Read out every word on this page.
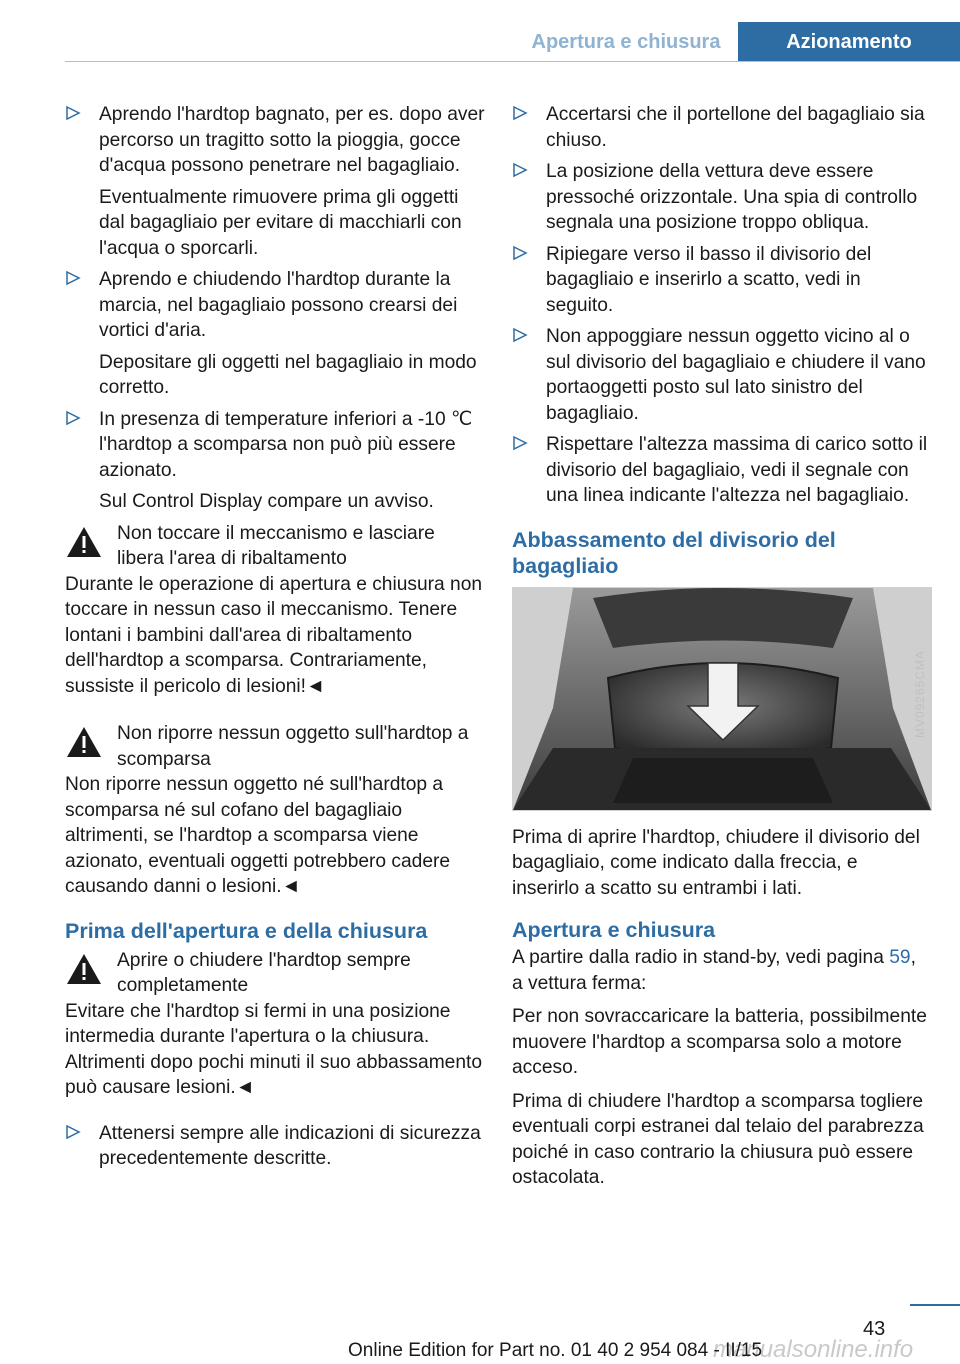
Apertura e chiusura	Azionamento

Aprendo l'hardtop bagnato, per es. dopo aver percorso un tragitto sotto la pioggia, gocce d'acqua possono penetrare nel bagagliaio.

Eventualmente rimuovere prima gli oggetti dal bagagliaio per evitare di macchiarli con l'acqua o sporcarli.

Aprendo e chiudendo l'hardtop durante la marcia, nel bagagliaio possono crearsi dei vortici d'aria.

Depositare gli oggetti nel bagagliaio in modo corretto.

In presenza di temperature inferiori a -10 ℃ l'hardtop a scomparsa non può più essere azionato.

Sul Control Display compare un avviso.

Non toccare il meccanismo e lasciare libera l'area di ribaltamento

Durante le operazione di apertura e chiusura non toccare in nessun caso il meccanismo. Tenere lontani i bambini dall'area di ribaltamento dell'hardtop a scomparsa. Contrariamente, sussiste il pericolo di lesioni!◄

Non riporre nessun oggetto sull'hardtop a scomparsa

Non riporre nessun oggetto né sull'hardtop a scomparsa né sul cofano del bagagliaio altrimenti, se l'hardtop a scomparsa viene azionato, eventuali oggetti potrebbero cadere causando danni o lesioni.◄

Prima dell'apertura e della chiusura
Aprire o chiudere l'hardtop sempre completamente

Evitare che l'hardtop si fermi in una posizione intermedia durante l'apertura o la chiusura. Altrimenti dopo pochi minuti il suo abbassamento può causare lesioni.◄

Attenersi sempre alle indicazioni di sicurezza precedentemente descritte.

Accertarsi che il portellone del bagagliaio sia chiuso.

La posizione della vettura deve essere pressoché orizzontale. Una spia di controllo segnala una posizione troppo obliqua.

Ripiegare verso il basso il divisorio del bagagliaio e inserirlo a scatto, vedi in seguito.

Non appoggiare nessun oggetto vicino al o sul divisorio del bagagliaio e chiudere il vano portaoggetti posto sul lato sinistro del bagagliaio.

Rispettare l'altezza massima di carico sotto il divisorio del bagagliaio, vedi il segnale con una linea indicante l'altezza nel bagagliaio.

Abbassamento del divisorio del bagagliaio
MV09265CMA

Prima di aprire l'hardtop, chiudere il divisorio del bagagliaio, come indicato dalla freccia, e inserirlo a scatto su entrambi i lati.

Apertura e chiusura

A partire dalla radio in stand-by, vedi pagina 59, a vettura ferma:

Per non sovraccaricare la batteria, possibilmente muovere l'hardtop a scomparsa solo a motore acceso.

Prima di chiudere l'hardtop a scomparsa togliere eventuali corpi estranei dal telaio del parabrezza poiché in caso contrario la chiusura può essere ostacolata.

43
manualsonline.info
Online Edition for Part no. 01 40 2 954 084 - II/15
